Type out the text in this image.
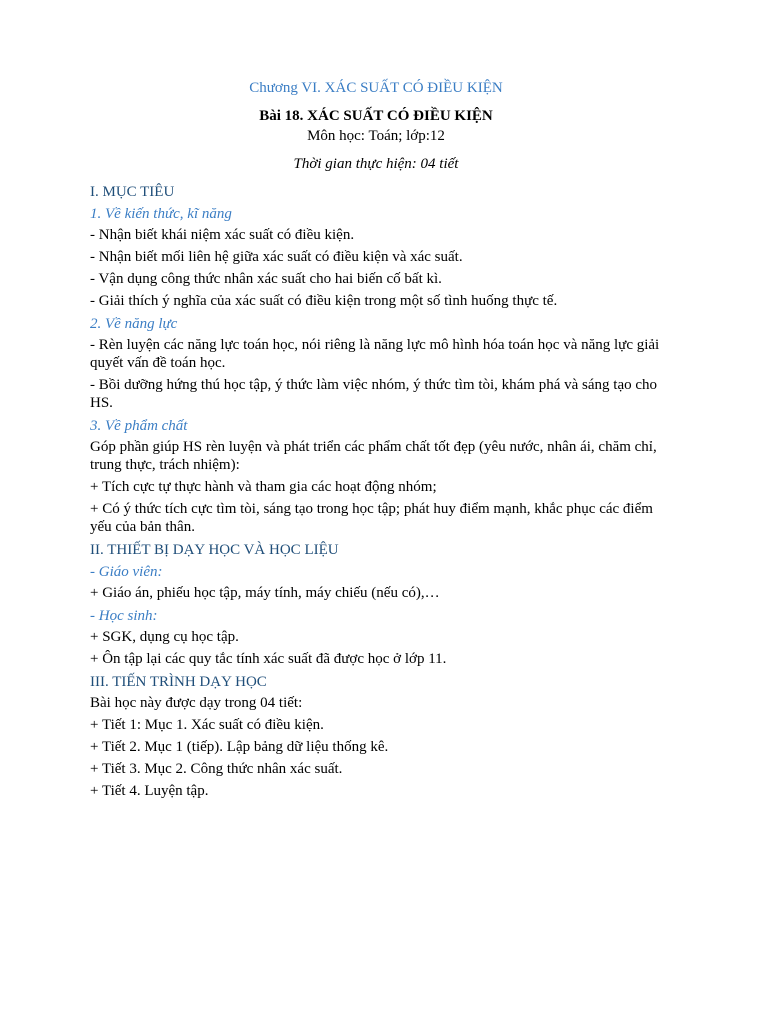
Chương VI. XÁC SUẤT CÓ ĐIỀU KIỆN
Bài 18. XÁC SUẤT CÓ ĐIỀU KIỆN
Môn học: Toán; lớp:12
Thời gian thực hiện: 04 tiết
I. MỤC TIÊU
1. Về kiến thức, kĩ năng

- Nhận biết khái niệm xác suất có điều kiện.

- Nhận biết mối liên hệ giữa xác suất có điều kiện và xác suất.

- Vận dụng công thức nhân xác suất cho hai biến cố bất kì.

- Giải thích ý nghĩa của xác suất có điều kiện trong một số tình huống thực tế.

2. Về năng lực

- Rèn luyện các năng lực toán học, nói riêng là năng lực mô hình hóa toán học và năng lực giải quyết vấn đề toán học.

- Bồi dưỡng hứng thú học tập, ý thức làm việc nhóm, ý thức tìm tòi, khám phá và sáng tạo cho HS.

3. Về phẩm chất

Góp phần giúp HS rèn luyện và phát triển các phẩm chất tốt đẹp (yêu nước, nhân ái, chăm chỉ, trung thực, trách nhiệm):

+ Tích cực tự thực hành và tham gia các hoạt động nhóm;

+ Có ý thức tích cực tìm tòi, sáng tạo trong học tập; phát huy điểm mạnh, khắc phục các điểm yếu của bản thân.

II. THIẾT BỊ DẠY HỌC VÀ HỌC LIỆU
- Giáo viên:

+ Giáo án, phiếu học tập, máy tính, máy chiếu (nếu có),…

- Học sinh:

+ SGK, dụng cụ học tập.

+ Ôn tập lại các quy tắc tính xác suất đã được học ở lớp 11.

III. TIẾN TRÌNH DẠY HỌC

Bài học này được dạy trong 04 tiết:

+ Tiết 1: Mục 1. Xác suất có điều kiện.

+ Tiết 2. Mục 1 (tiếp). Lập bảng dữ liệu thống kê.

+ Tiết 3. Mục 2. Công thức nhân xác suất.

+ Tiết 4. Luyện tập.
